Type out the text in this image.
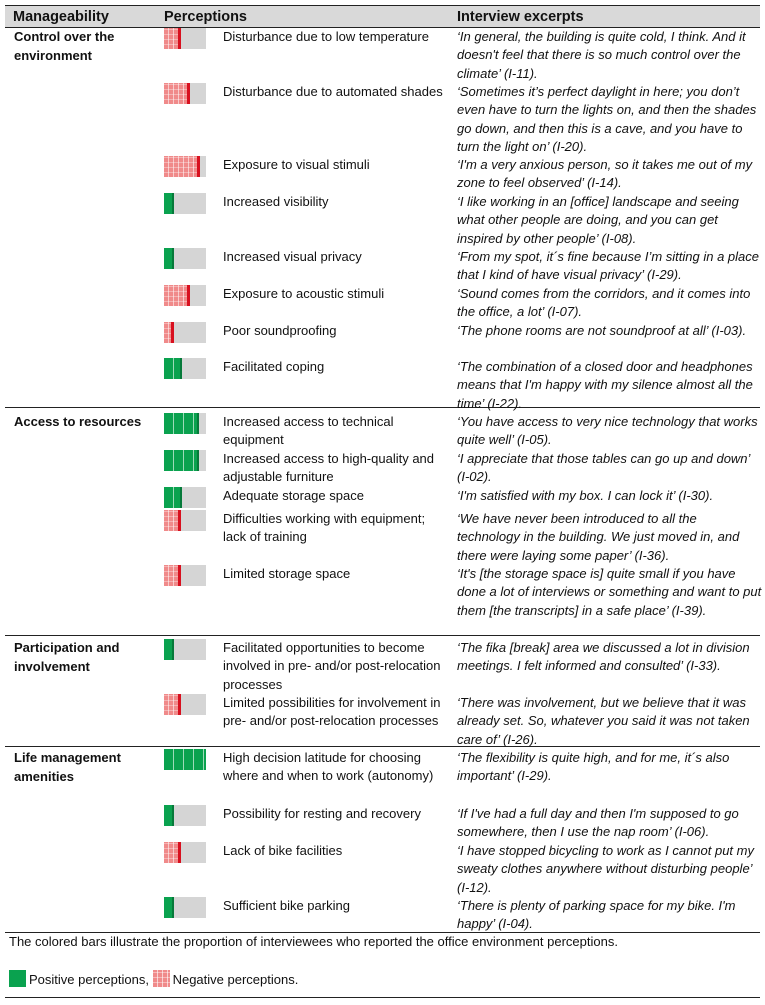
Manageability	Perceptions	Interview excerpts
Control over the environment
Disturbance due to low temperature	‘In general, the building is quite cold, I think. And it doesn't feel that there is so much control over the climate’ (I-11).
Disturbance due to automated shades ‘Sometimes it’s perfect daylight in here; you don’t even have to turn the lights on, and then the shades go down, and then this is a cave, and you have to turn the light on’ (I-20).
Exposure to visual stimuli	‘I'm a very anxious person, so it takes me out of my zone to feel observed’ (I-14).
Increased visibility	‘I like working in an [office] landscape and seeing what other people are doing, and you can get inspired by other people’ (I-08).
Increased visual privacy	‘From my spot, it´s fine because I’m sitting in a place that I kind of have visual privacy’ (I-29).
Exposure to acoustic stimuli	‘Sound comes from the corridors, and it comes into the office, a lot’ (I-07).
Poor soundproofing	‘The phone rooms are not soundproof at all’ (I-03).
Facilitated coping	‘The combination of a closed door and headphones means that I'm happy with my silence almost all the time’ (I-22).
Access to resources	Increased access to technical equipment
‘You have access to very nice technology that works quite well’ (I-05).
Increased access to high-quality and adjustable furniture
‘I appreciate that those tables can go up and down’ (I-02).
Adequate storage space	‘I'm satisfied with my box. I can lock it’ (I-30).
Difficulties working with equipment; lack of training
‘We have never been introduced to all the technology in the building. We just moved in, and there were laying some paper’ (I-36).
Limited storage space	‘It's [the storage space is] quite small if you have done a lot of interviews or something and want to put them [the transcripts] in a safe place’ (I-39).
Participation and involvement
Facilitated opportunities to become involved in pre- and/or post-relocation processes
‘The fika [break] area we discussed a lot in division meetings. I felt informed and consulted’ (I-33).
Limited possibilities for involvement in pre- and/or post-relocation processes
‘There was involvement, but we believe that it was already set. So, whatever you said it was not taken care of’ (I-26).
Life management amenities
High decision latitude for choosing where and when to work (autonomy)
‘The flexibility is quite high, and for me, it´s also important’ (I-29).
Possibility for resting and recovery	‘If I've had a full day and then I'm supposed to go somewhere, then I use the nap room’ (I-06).
Lack of bike facilities	‘I have stopped bicycling to work as I cannot put my sweaty clothes anywhere without disturbing people’ (I-12).
Sufficient bike parking	‘There is plenty of parking space for my bike. I'm happy’ (I-04).
The colored bars illustrate the proportion of interviewees who reported the office environment perceptions.
Positive perceptions, Negative perceptions.
